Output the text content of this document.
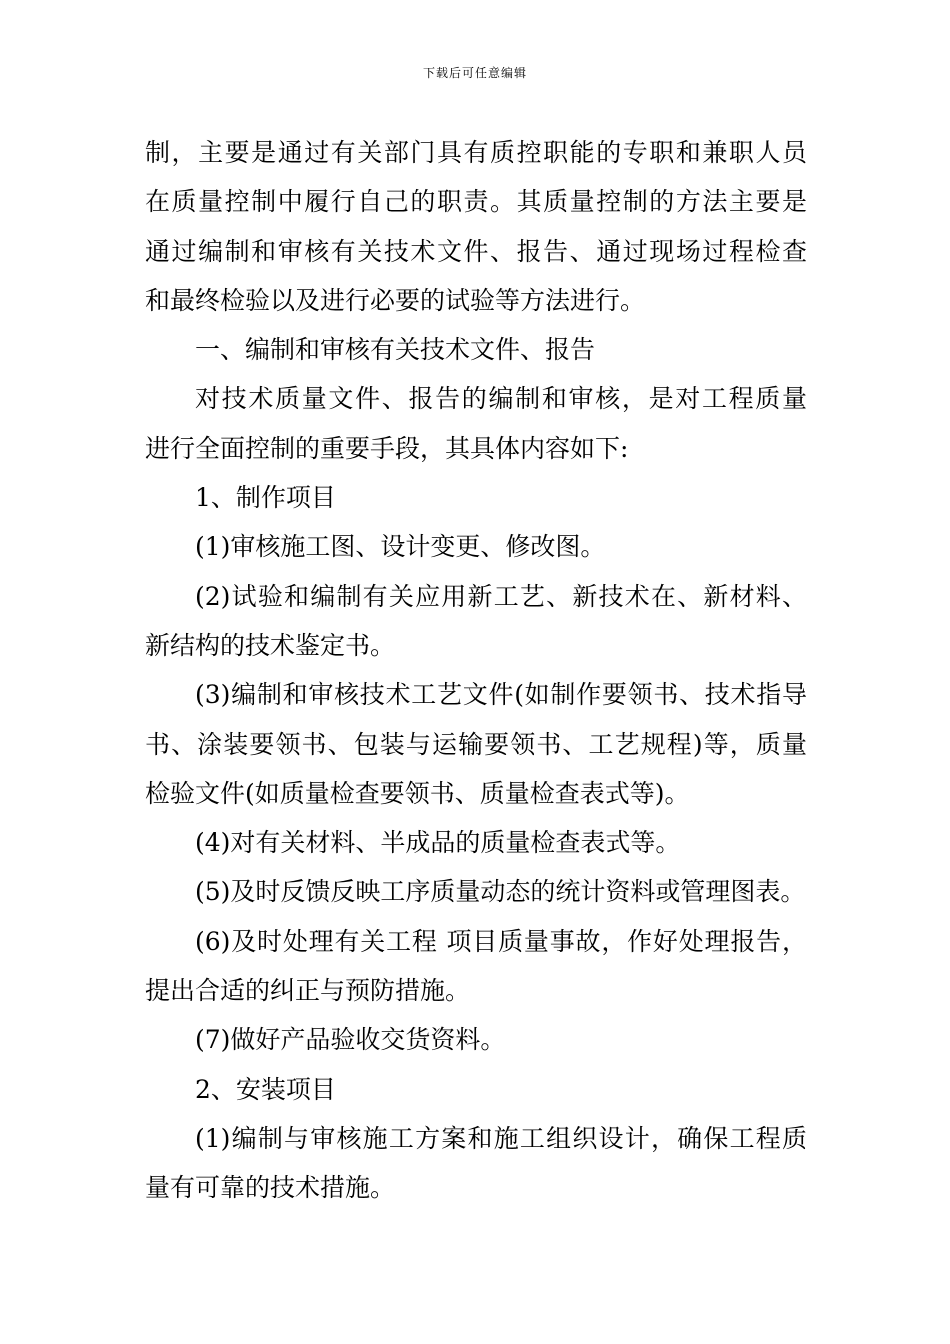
下载后可任意编辑
制，主要是通过有关部门具有质控职能的专职和兼职人员
在质量控制中履行自己的职责。其质量控制的方法主要是
通过编制和审核有关技术文件、报告、通过现场过程检查
和最终检验以及进行必要的试验等方法进行。
一、编制和审核有关技术文件、报告
对技术质量文件、报告的编制和审核，是对工程质量
进行全面控制的重要手段，其具体内容如下:
1、制作项目
(1)审核施工图、设计变更、修改图。
(2)试验和编制有关应用新工艺、新技术在、新材料、
新结构的技术鉴定书。
(3)编制和审核技术工艺文件(如制作要领书、技术指导
书、涂装要领书、包装与运输要领书、工艺规程)等，质量
检验文件(如质量检查要领书、质量检查表式等)。
(4)对有关材料、半成品的质量检查表式等。
(5)及时反馈反映工序质量动态的统计资料或管理图表。
(6)及时处理有关工程 项目质量事故，作好处理报告，
提出合适的纠正与预防措施。
(7)做好产品验收交货资料。
2、安装项目
(1)编制与审核施工方案和施工组织设计，确保工程质
量有可靠的技术措施。
